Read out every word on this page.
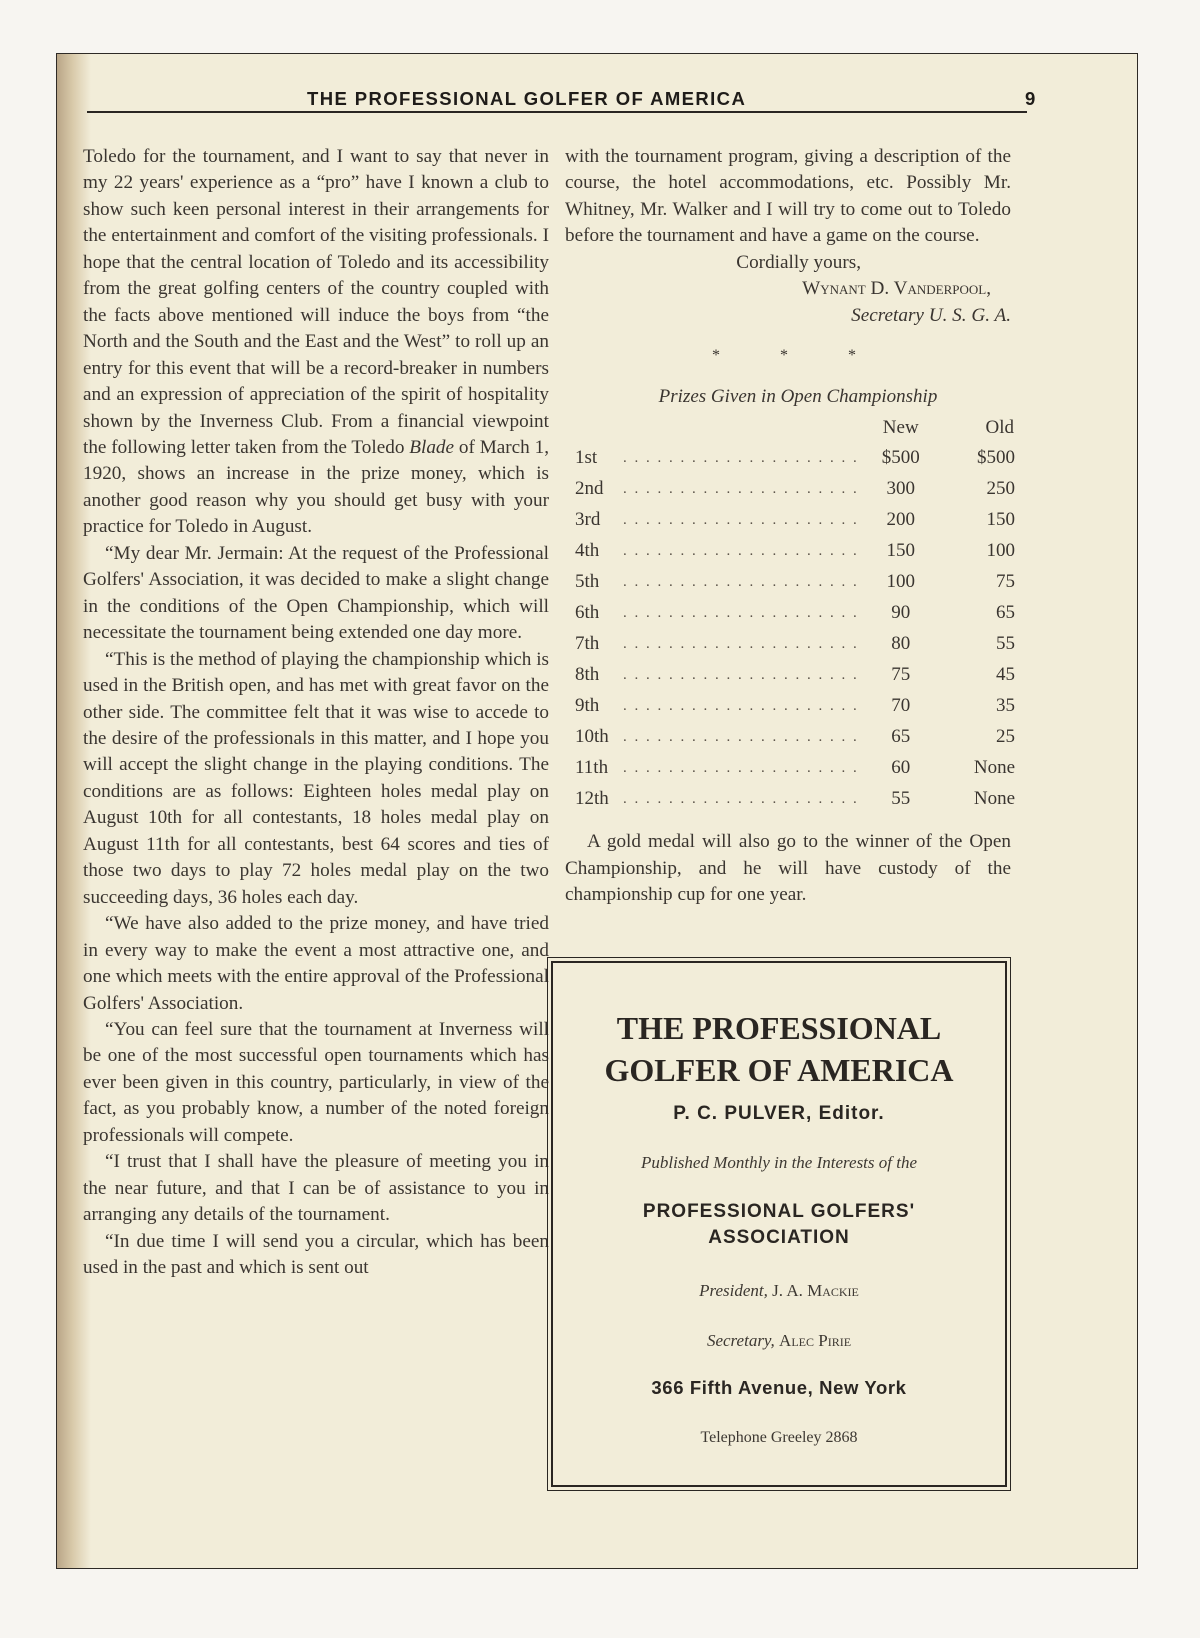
THE PROFESSIONAL GOLFER OF AMERICA	9

Toledo for the tournament, and I want to say that never in my 22 years' experience as a “pro” have I known a club to show such keen personal interest in their arrangements for the entertainment and comfort of the visiting professionals. I hope that the central location of Toledo and its accessibility from the great golfing centers of the country coupled with the facts above mentioned will induce the boys from “the North and the South and the East and the West” to roll up an entry for this event that will be a record-breaker in numbers and an expression of appreciation of the spirit of hospitality shown by the Inverness Club. From a financial viewpoint the following letter taken from the Toledo Blade of March 1, 1920, shows an increase in the prize money, which is another good reason why you should get busy with your practice for Toledo in August.

“My dear Mr. Jermain: At the request of the Professional Golfers' Association, it was decided to make a slight change in the conditions of the Open Championship, which will necessitate the tournament being extended one day more.

“This is the method of playing the championship which is used in the British open, and has met with great favor on the other side. The committee felt that it was wise to accede to the desire of the professionals in this matter, and I hope you will accept the slight change in the playing conditions. The conditions are as follows: Eighteen holes medal play on August 10th for all contestants, 18 holes medal play on August 11th for all contestants, best 64 scores and ties of those two days to play 72 holes medal play on the two succeeding days, 36 holes each day.

“We have also added to the prize money, and have tried in every way to make the event a most attractive one, and one which meets with the entire approval of the Professional Golfers' Association.

“You can feel sure that the tournament at Inverness will be one of the most successful open tournaments which has ever been given in this country, particularly, in view of the fact, as you probably know, a number of the noted foreign professionals will compete.

“I trust that I shall have the pleasure of meeting you in the near future, and that I can be of assistance to you in arranging any details of the tournament.

“In due time I will send you a circular, which has been used in the past and which is sent out

with the tournament program, giving a description of the course, the hotel accommodations, etc. Possibly Mr. Whitney, Mr. Walker and I will try to come out to Toledo before the tournament and have a game on the course.

Cordially yours,

Wynant D. Vanderpool,

Secretary U. S. G. A.

* * *

Prizes Given in Open Championship

		New	Old
1st	. . . . . . . . . . . . . . . . . . . . .	$500	$500
2nd	. . . . . . . . . . . . . . . . . . . . .	300	250
3rd	. . . . . . . . . . . . . . . . . . . . .	200	150
4th	. . . . . . . . . . . . . . . . . . . . .	150	100
5th	. . . . . . . . . . . . . . . . . . . . .	100	75
6th	. . . . . . . . . . . . . . . . . . . . .	90	65
7th	. . . . . . . . . . . . . . . . . . . . .	80	55
8th	. . . . . . . . . . . . . . . . . . . . .	75	45
9th	. . . . . . . . . . . . . . . . . . . . .	70	35
10th	. . . . . . . . . . . . . . . . . . . . .	65	25
11th	. . . . . . . . . . . . . . . . . . . . .	60	None
12th	. . . . . . . . . . . . . . . . . . . . .	55	None

A gold medal will also go to the winner of the Open Championship, and he will have custody of the championship cup for one year.

THE PROFESSIONAL
GOLFER OF AMERICA
P. C. PULVER, Editor.
Published Monthly in the Interests of the
PROFESSIONAL GOLFERS'
ASSOCIATION
President, J. A. Mackie
Secretary, Alec Pirie
366 Fifth Avenue, New York
Telephone Greeley 2868
